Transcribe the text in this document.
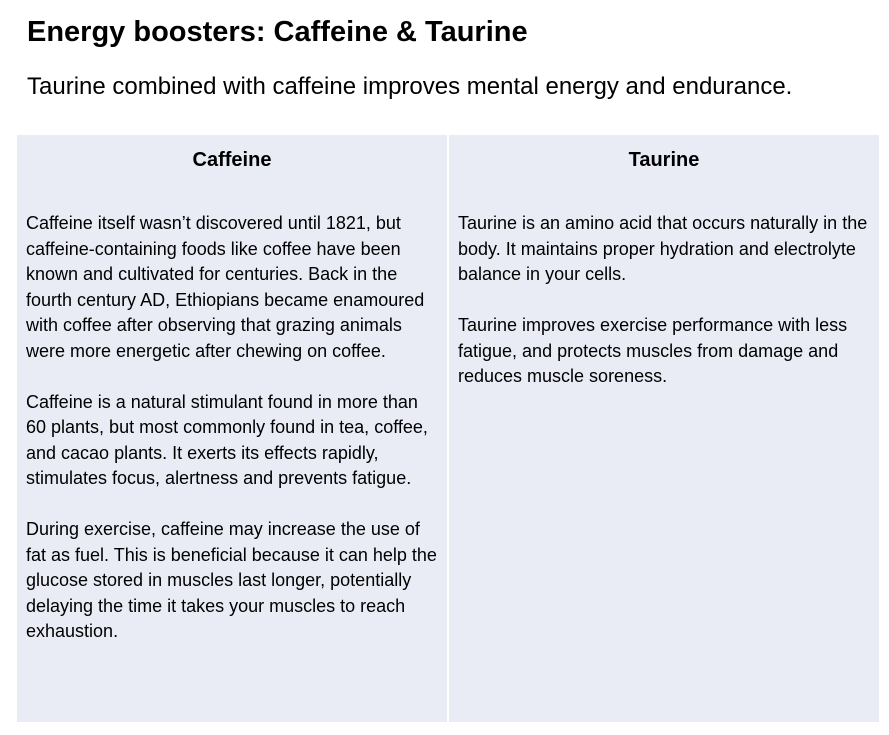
Energy boosters: Caffeine & Taurine

Taurine combined with caffeine improves mental energy and endurance.

Caffeine

Caffeine itself wasn’t discovered until 1821, but caffeine-containing foods like coffee have been known and cultivated for centuries. Back in the fourth century AD, Ethiopians became enamoured with coffee after observing that grazing animals were more energetic after chewing on coffee.

Caffeine is a natural stimulant found in more than 60 plants, but most commonly found in tea, coffee, and cacao plants. It exerts its effects rapidly, stimulates focus, alertness and prevents fatigue.

During exercise, caffeine may increase the use of fat as fuel. This is beneficial because it can help the glucose stored in muscles last longer, potentially delaying the time it takes your muscles to reach exhaustion.

Taurine

Taurine is an amino acid that occurs naturally in the body. It maintains proper hydration and electrolyte balance in your cells.

Taurine improves exercise performance with less fatigue, and protects muscles from damage and reduces muscle soreness.
